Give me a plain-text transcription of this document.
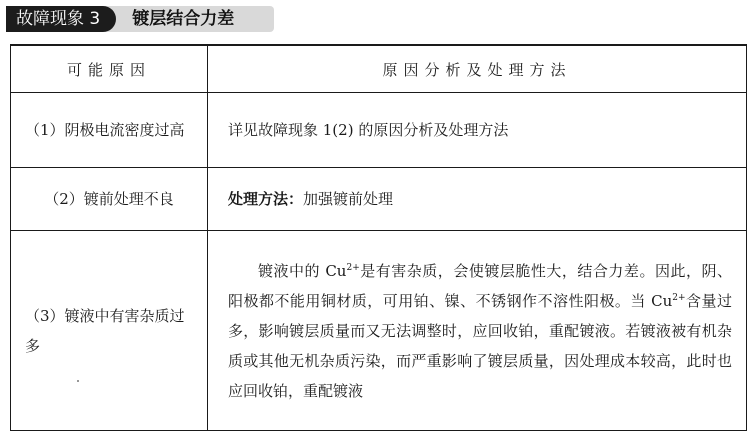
故障现象 3	镀层结合力差
可能原因	原因分析及处理方法
（1）阴极电流密度过高	详见故障现象 1(2) 的原因分析及处理方法
（2）镀前处理不良	处理方法：加强镀前处理
（3）镀液中有害杂质过多	镀液中的 $Cu^{2+}$是有害杂质，会使镀层脆性大，结合力差。因此，阴、阳极都不能用铜材质，可用铂、镍、不锈钢作不溶性阳极。当 $Cu^{2+}$含量过多，影响镀层质量而又无法调整时，应回收铂，重配镀液。若镀液被有机杂质或其他无机杂质污染，而严重影响了镀层质量，因处理成本较高，此时也应回收铂，重配镀液
